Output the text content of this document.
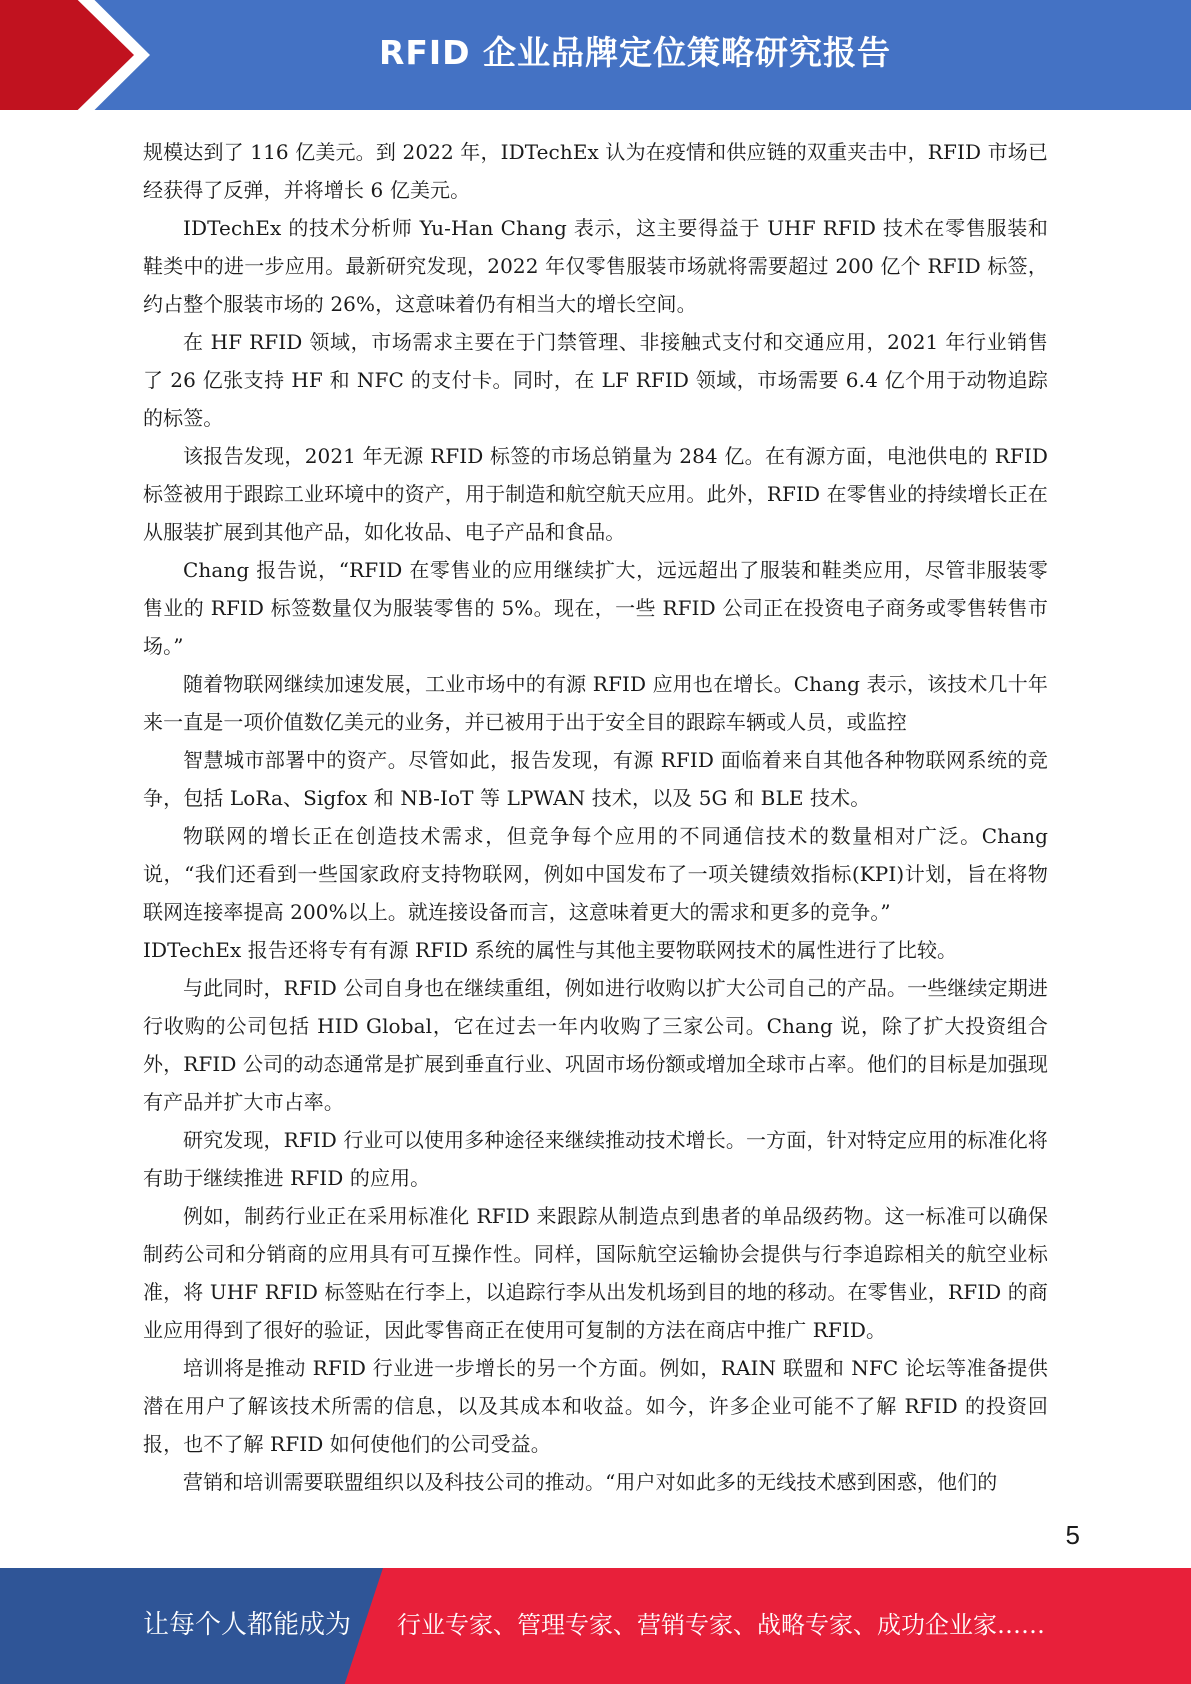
RFID 企业品牌定位策略研究报告

规模达到了 116 亿美元。到 2022 年，IDTechEx 认为在疫情和供应链的双重夹击中，RFID 市场已经获得了反弹，并将增长 6 亿美元。

IDTechEx 的技术分析师 Yu-Han Chang 表示，这主要得益于 UHF RFID 技术在零售服装和鞋类中的进一步应用。最新研究发现，2022 年仅零售服装市场就将需要超过 200 亿个 RFID 标签，约占整个服装市场的 26%，这意味着仍有相当大的增长空间。

在 HF RFID 领域，市场需求主要在于门禁管理、非接触式支付和交通应用，2021 年行业销售了 26 亿张支持 HF 和 NFC 的支付卡。同时，在 LF RFID 领域，市场需要 6.4 亿个用于动物追踪的标签。

该报告发现，2021 年无源 RFID 标签的市场总销量为 284 亿。在有源方面，电池供电的 RFID 标签被用于跟踪工业环境中的资产，用于制造和航空航天应用。此外，RFID 在零售业的持续增长正在从服装扩展到其他产品，如化妆品、电子产品和食品。

Chang 报告说，“RFID 在零售业的应用继续扩大，远远超出了服装和鞋类应用，尽管非服装零售业的 RFID 标签数量仅为服装零售的 5%。现在，一些 RFID 公司正在投资电子商务或零售转售市场。”

随着物联网继续加速发展，工业市场中的有源 RFID 应用也在增长。Chang 表示，该技术几十年来一直是一项价值数亿美元的业务，并已被用于出于安全目的跟踪车辆或人员，或监控

智慧城市部署中的资产。尽管如此，报告发现，有源 RFID 面临着来自其他各种物联网系统的竞争，包括 LoRa、Sigfox 和 NB-IoT 等 LPWAN 技术，以及 5G 和 BLE 技术。

物联网的增长正在创造技术需求，但竞争每个应用的不同通信技术的数量相对广泛。Chang 说，“我们还看到一些国家政府支持物联网，例如中国发布了一项关键绩效指标(KPI)计划，旨在将物联网连接率提高 200%以上。就连接设备而言，这意味着更大的需求和更多的竞争。”

IDTechEx 报告还将专有有源 RFID 系统的属性与其他主要物联网技术的属性进行了比较。

与此同时，RFID 公司自身也在继续重组，例如进行收购以扩大公司自己的产品。一些继续定期进行收购的公司包括 HID Global，它在过去一年内收购了三家公司。Chang 说，除了扩大投资组合外，RFID 公司的动态通常是扩展到垂直行业、巩固市场份额或增加全球市占率。他们的目标是加强现有产品并扩大市占率。

研究发现，RFID 行业可以使用多种途径来继续推动技术增长。一方面，针对特定应用的标准化将有助于继续推进 RFID 的应用。

例如，制药行业正在采用标准化 RFID 来跟踪从制造点到患者的单品级药物。这一标准可以确保制药公司和分销商的应用具有可互操作性。同样，国际航空运输协会提供与行李追踪相关的航空业标准，将 UHF RFID 标签贴在行李上，以追踪行李从出发机场到目的地的移动。在零售业，RFID 的商业应用得到了很好的验证，因此零售商正在使用可复制的方法在商店中推广 RFID。

培训将是推动 RFID 行业进一步增长的另一个方面。例如，RAIN 联盟和 NFC 论坛等准备提供潜在用户了解该技术所需的信息，以及其成本和收益。如今，许多企业可能不了解 RFID 的投资回报，也不了解 RFID 如何使他们的公司受益。

营销和培训需要联盟组织以及科技公司的推动。“用户对如此多的无线技术感到困惑，他们的

5
让每个人都能成为 行业专家、管理专家、营销专家、战略专家、成功企业家……
